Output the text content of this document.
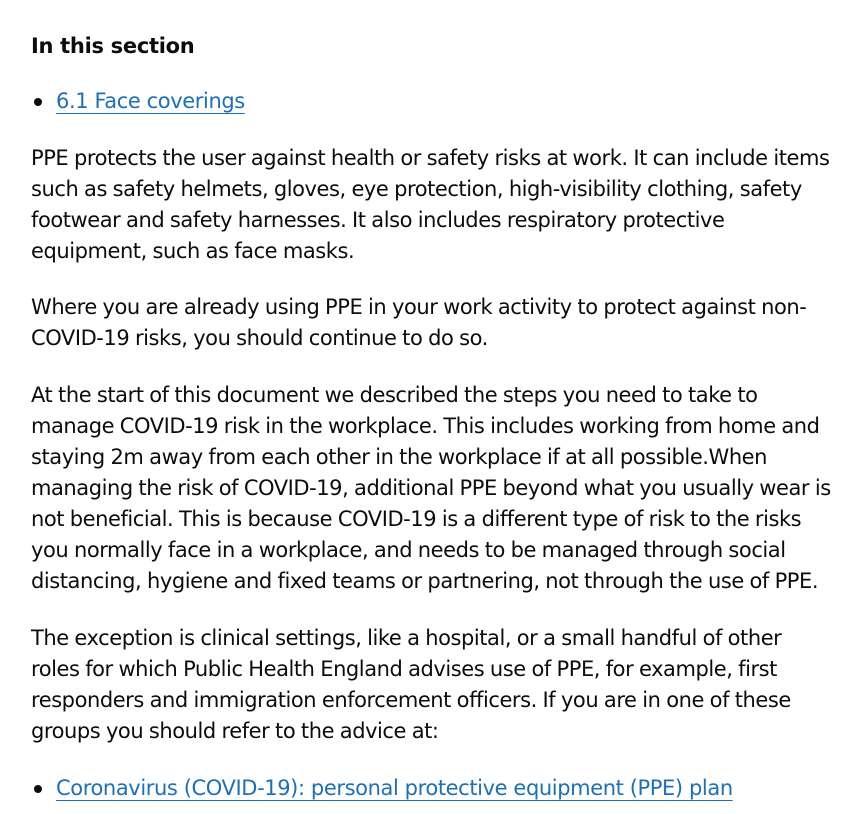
In this section
6.1 Face coverings

PPE protects the user against health or safety risks at work. It can include items such as safety helmets, gloves, eye protection, high-visibility clothing, safety footwear and safety harnesses. It also includes respiratory protective equipment, such as face masks.

Where you are already using PPE in your work activity to protect against non-COVID-19 risks, you should continue to do so.

At the start of this document we described the steps you need to take to manage COVID-19 risk in the workplace. This includes working from home and staying 2m away from each other in the workplace if at all possible.When managing the risk of COVID-19, additional PPE beyond what you usually wear is not beneficial. This is because COVID-19 is a different type of risk to the risks you normally face in a workplace, and needs to be managed through social distancing, hygiene and fixed teams or partnering, not through the use of PPE.

The exception is clinical settings, like a hospital, or a small handful of other roles for which Public Health England advises use of PPE, for example, first responders and immigration enforcement officers. If you are in one of these groups you should refer to the advice at:

Coronavirus (COVID-19): personal protective equipment (PPE) plan
